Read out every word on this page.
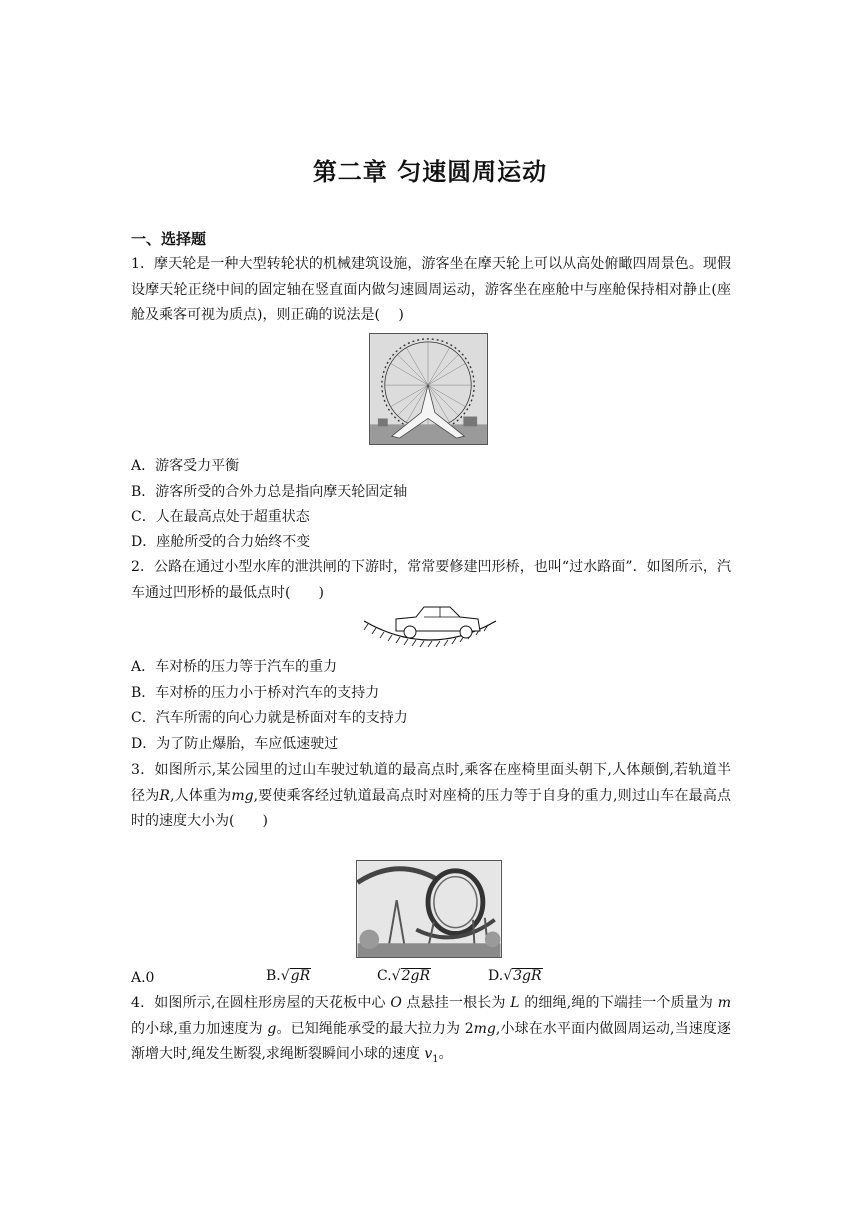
第二章 匀速圆周运动
一、选择题
1．摩天轮是一种大型转轮状的机械建筑设施，游客坐在摩天轮上可以从高处俯瞰四周景色。现假设摩天轮正绕中间的固定轴在竖直面内做匀速圆周运动，游客坐在座舱中与座舱保持相对静止(座舱及乘客可视为质点)，则正确的说法是(　 )
A．游客受力平衡
B．游客所受的合外力总是指向摩天轮固定轴
C．人在最高点处于超重状态
D．座舱所受的合力始终不变
2．公路在通过小型水库的泄洪闸的下游时，常常要修建凹形桥，也叫“过水路面”．如图所示，汽车通过凹形桥的最低点时(　　)
A．车对桥的压力等于汽车的重力
B．车对桥的压力小于桥对汽车的支持力
C．汽车所需的向心力就是桥面对车的支持力
D．为了防止爆胎，车应低速驶过
3．如图所示,某公园里的过山车驶过轨道的最高点时,乘客在座椅里面头朝下,人体颠倒,若轨道半径为R,人体重为mg,要使乘客经过轨道最高点时对座椅的压力等于自身的重力,则过山车在最高点时的速度大小为(　　)
A.0	B.√gR	C.√2gR	D.√3gR
4．如图所示,在圆柱形房屋的天花板中心 O 点悬挂一根长为 L 的细绳,绳的下端挂一个质量为 m 的小球,重力加速度为 g。已知绳能承受的最大拉力为 2mg,小球在水平面内做圆周运动,当速度逐渐增大时,绳发生断裂,求绳断裂瞬间小球的速度 $v_1$。
